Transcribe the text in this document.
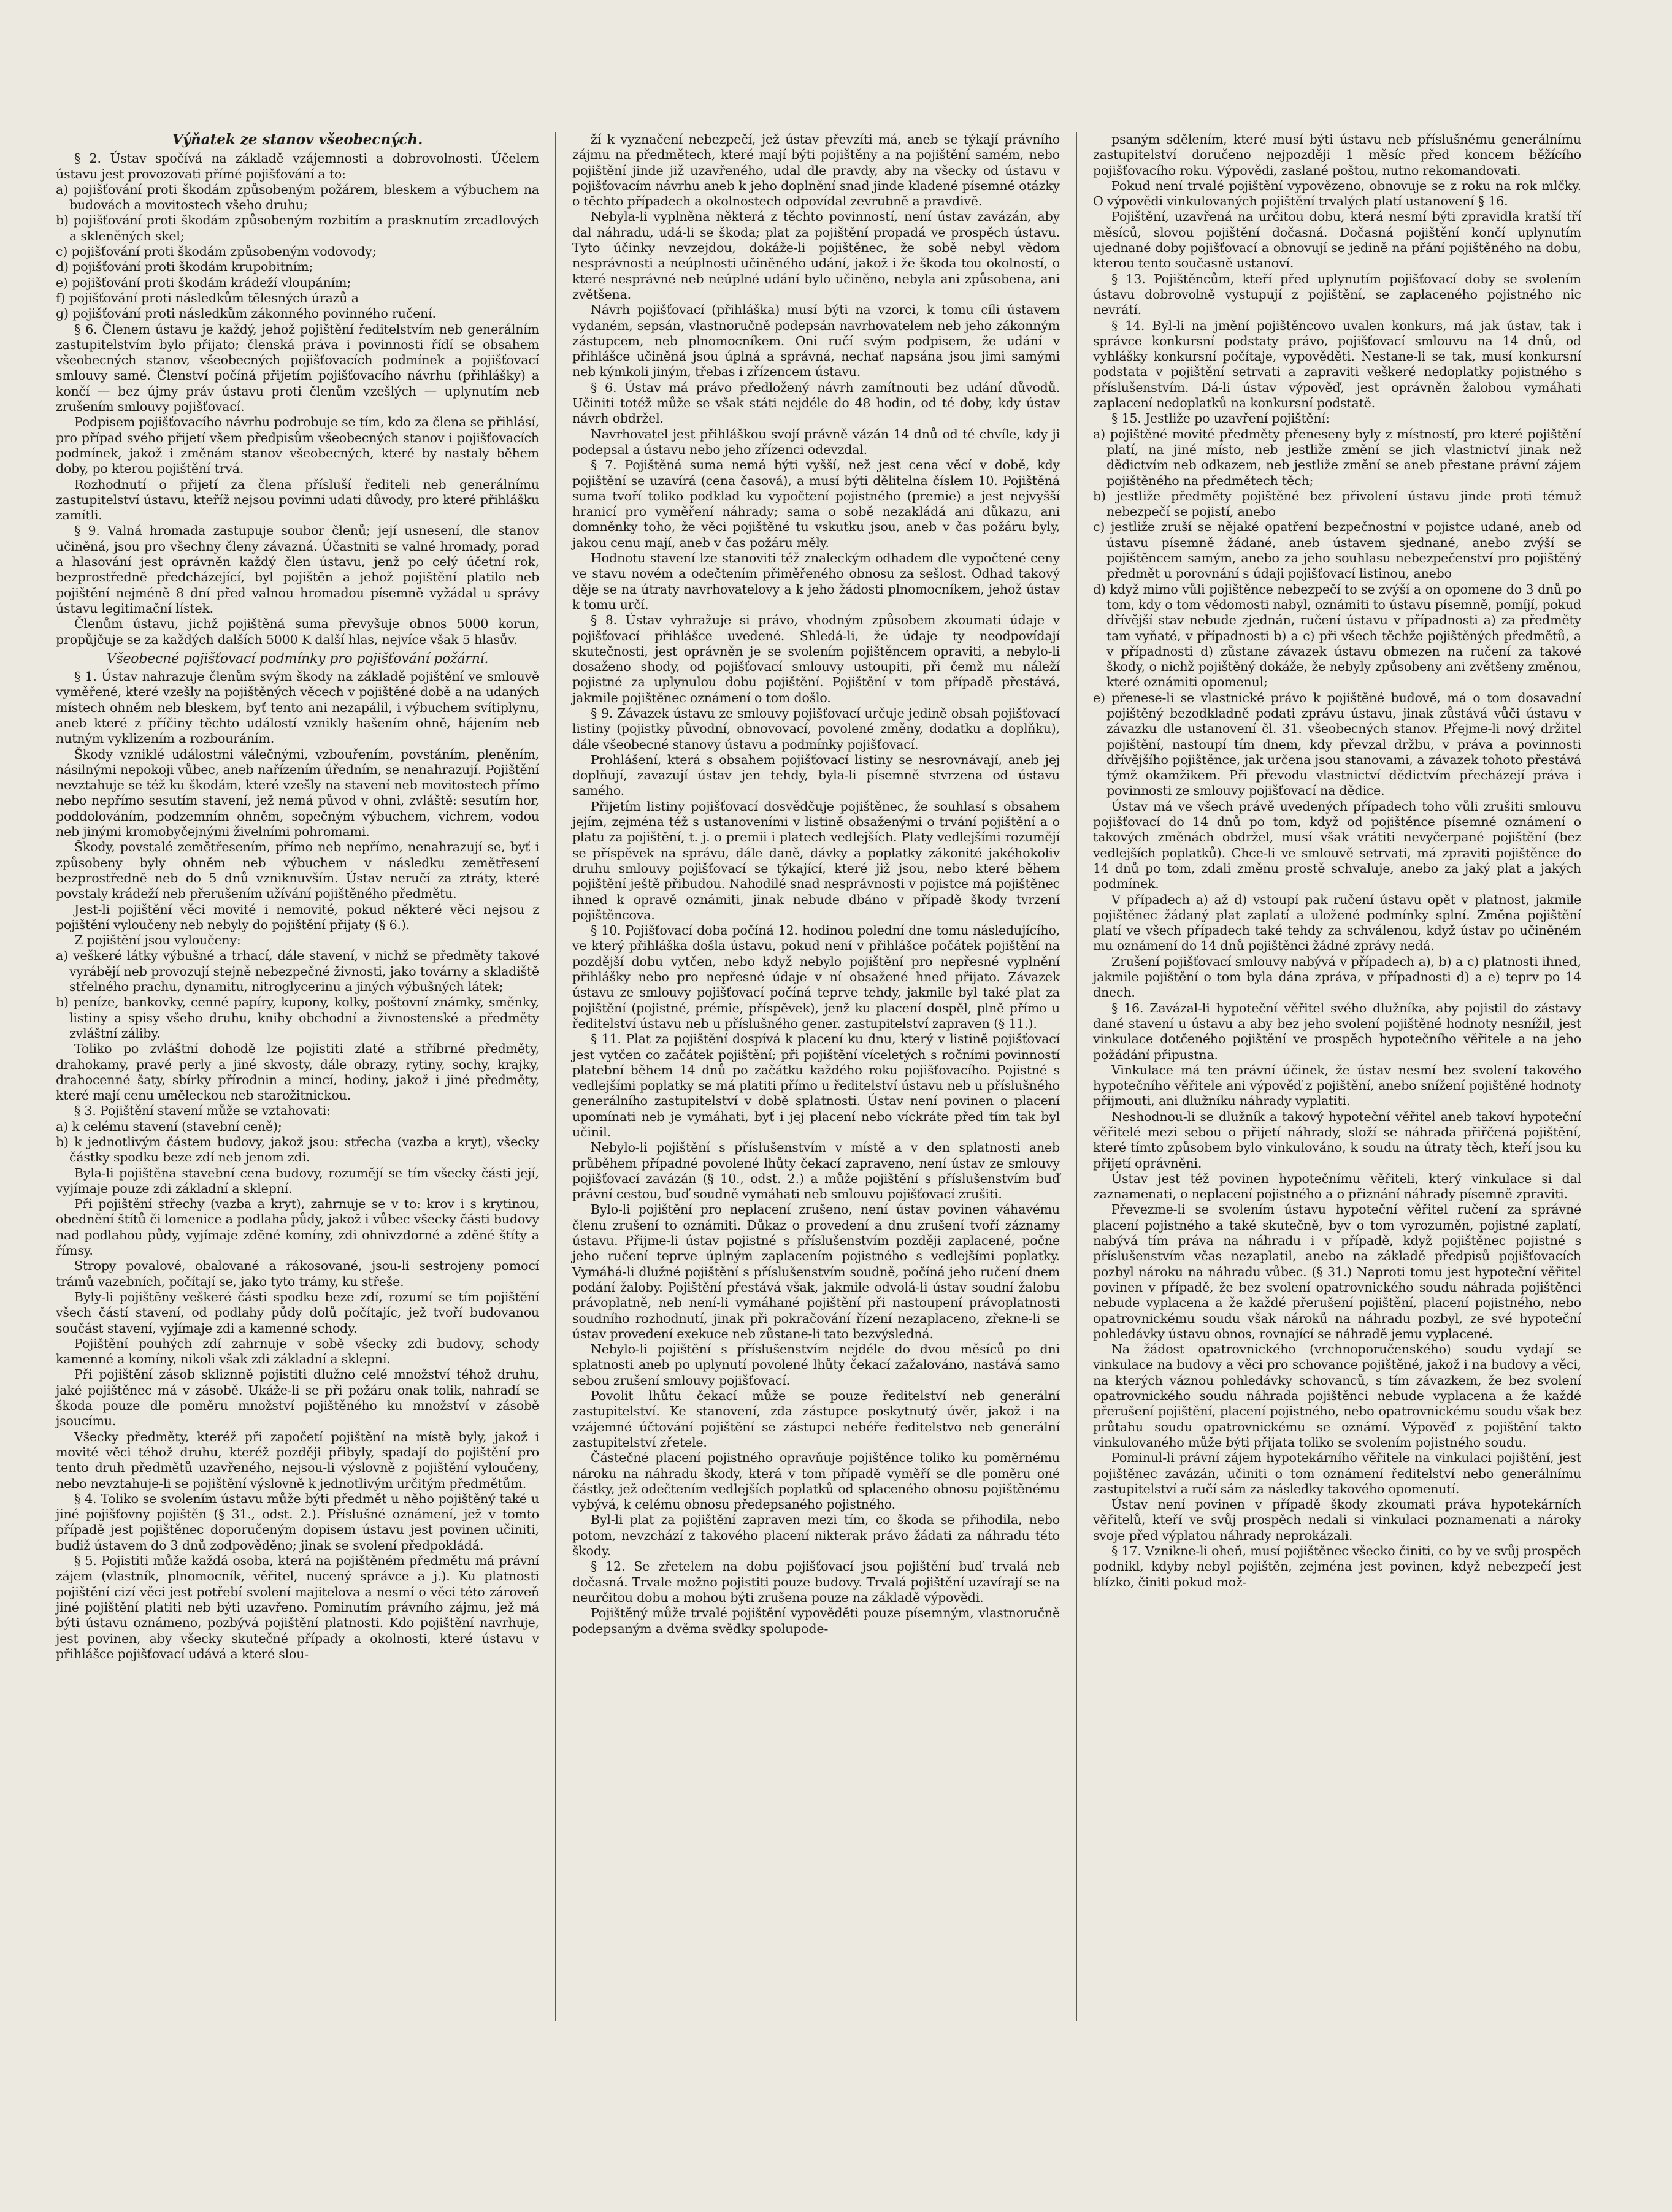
Výňatek ze stanov všeobecných.

§ 2. Ústav spočívá na základě vzájemnosti a dobrovolnosti. Účelem ústavu jest provozovati přímé pojišťování a to:

a) pojišťování proti škodám způsobeným požárem, bleskem a výbuchem na budovách a movitostech všeho druhu;

b) pojišťování proti škodám způsobeným rozbitím a prasknutím zrcadlových a skleněných skel;

c) pojišťování proti škodám způsobeným vodovody;

d) pojišťování proti škodám krupobitním;

e) pojišťování proti škodám krádeží vloupáním;

f) pojišťování proti následkům tělesných úrazů a

g) pojišťování proti následkům zákonného povinného ručení.

§ 6. Členem ústavu je každý, jehož pojištění ředitelstvím neb generálním zastupitelstvím bylo přijato; členská práva i povinnosti řídí se obsahem všeobecných stanov, všeobecných pojišťovacích podmínek a pojišťovací smlouvy samé. Členství počíná přijetím pojišťovacího návrhu (přihlášky) a končí — bez újmy práv ústavu proti členům vzešlých — uplynutím neb zrušením smlouvy pojišťovací.

Podpisem pojišťovacího návrhu podrobuje se tím, kdo za člena se přihlásí, pro případ svého přijetí všem předpisům všeobecných stanov i pojišťovacích podmínek, jakož i změnám stanov všeobecných, které by nastaly během doby, po kterou pojištění trvá.

Rozhodnutí o přijetí za člena přísluší řediteli neb generálnímu zastupitelství ústavu, kteříž nejsou povinni udati důvody, pro které přihlášku zamítli.

§ 9. Valná hromada zastupuje soubor členů; její usnesení, dle stanov učiněná, jsou pro všechny členy závazná. Účastniti se valné hromady, porad a hlasování jest oprávněn každý člen ústavu, jenž po celý účetní rok, bezprostředně předcházející, byl pojištěn a jehož pojištění platilo neb pojištění nejméně 8 dní před valnou hromadou písemně vyžádal u správy ústavu legitimační lístek.

Členům ústavu, jichž pojištěná suma převyšuje obnos 5000 korun, propůjčuje se za každých dalších 5000 K další hlas, nejvíce však 5 hlasův.

Všeobecné pojišťovací podmínky pro pojišťování požární.

§ 1. Ústav nahrazuje členům svým škody na základě pojištění ve smlouvě vyměřené, které vzešly na pojištěných věcech v pojištěné době a na udaných místech ohněm neb bleskem, byť tento ani nezapálil, i výbuchem svítiplynu, aneb které z příčiny těchto událostí vznikly hašením ohně, hájením neb nutným vyklizením a rozbouráním.

Škody vzniklé událostmi válečnými, vzbouřením, povstáním, pleněním, násilnými nepokoji vůbec, aneb nařízením úředním, se nenahrazují. Pojištění nevztahuje se též ku škodám, které vzešly na stavení neb movitostech přímo nebo nepřímo sesutím stavení, jež nemá původ v ohni, zvláště: sesutím hor, poddolováním, podzemním ohněm, sopečným výbuchem, vichrem, vodou neb jinými kromobyčejnými živelními pohromami.

Škody, povstalé zemětřesením, přímo neb nepřímo, nenahrazují se, byť i způsobeny byly ohněm neb výbuchem v následku zemětřesení bezprostředně neb do 5 dnů vzniknuvším. Ústav neručí za ztráty, které povstaly krádeží neb přerušením užívání pojištěného předmětu.

Jest-li pojištění věci movité i nemovité, pokud některé věci nejsou z pojištění vyloučeny neb nebyly do pojištění přijaty (§ 6.).

Z pojištění jsou vyloučeny:

a) veškeré látky výbušné a trhací, dále stavení, v nichž se předměty takové vyrábějí neb provozují stejně nebezpečné živnosti, jako továrny a skladiště střelného prachu, dynamitu, nitroglycerinu a jiných výbušných látek;

b) peníze, bankovky, cenné papíry, kupony, kolky, poštovní známky, směnky, listiny a spisy všeho druhu, knihy obchodní a živnostenské a předměty zvláštní záliby.

Toliko po zvláštní dohodě lze pojistiti zlaté a stříbrné předměty, drahokamy, pravé perly a jiné skvosty, dále obrazy, rytiny, sochy, krajky, drahocenné šaty, sbírky přírodnin a mincí, hodiny, jakož i jiné předměty, které mají cenu uměleckou neb starožitnickou.

§ 3. Pojištění stavení může se vztahovati:

a) k celému stavení (stavební ceně);

b) k jednotlivým částem budovy, jakož jsou: střecha (vazba a kryt), všecky částky spodku beze zdí neb jenom zdi.

Byla-li pojištěna stavební cena budovy, rozumějí se tím všecky části její, vyjímaje pouze zdi základní a sklepní.

Při pojištění střechy (vazba a kryt), zahrnuje se v to: krov i s krytinou, obednění štítů či lomenice a podlaha půdy, jakož i vůbec všecky části budovy nad podlahou půdy, vyjímaje zděné komíny, zdi ohnivzdorné a zděné štíty a římsy.

Stropy povalové, obalované a rákosované, jsou-li sestrojeny pomocí trámů vazebních, počítají se, jako tyto trámy, ku střeše.

Byly-li pojištěny veškeré části spodku beze zdí, rozumí se tím pojištění všech částí stavení, od podlahy půdy dolů počítajíc, jež tvoří budovanou součást stavení, vyjímaje zdi a kamenné schody.

Pojištění pouhých zdí zahrnuje v sobě všecky zdi budovy, schody kamenné a komíny, nikoli však zdi základní a sklepní.

Při pojištění zásob skliznně pojistiti dlužno celé množství téhož druhu, jaké pojištěnec má v zásobě. Ukáže-li se při požáru onak tolik, nahradí se škoda pouze dle poměru množství pojištěného ku množství v zásobě jsoucímu.

Všecky předměty, kteréž při započetí pojištění na místě byly, jakož i movité věci téhož druhu, kteréž později přibyly, spadají do pojištění pro tento druh předmětů uzavřeného, nejsou-li výslovně z pojištění vyloučeny, nebo nevztahuje-li se pojištění výslovně k jednotlivým určitým předmětům.

§ 4. Toliko se svolením ústavu může býti předmět u něho pojištěný také u jiné pojišťovny pojištěn (§ 31., odst. 2.). Příslušné oznámení, jež v tomto případě jest pojištěnec doporučeným dopisem ústavu jest povinen učiniti, budiž ústavem do 3 dnů zodpověděno; jinak se svolení předpokládá.

§ 5. Pojistiti může každá osoba, která na pojištěném předmětu má právní zájem (vlastník, plnomocník, věřitel, nucený správce a j.). Ku platnosti pojištění cizí věci jest potřebí svolení majitelova a nesmí o věci této zároveň jiné pojištění platiti neb býti uzavřeno. Pominutím právního zájmu, jež má býti ústavu oznámeno, pozbývá pojištění platnosti. Kdo pojištění navrhuje, jest povinen, aby všecky skutečné případy a okolnosti, které ústavu v přihlášce pojišťovací udává a které slou-

ží k vyznačení nebezpečí, jež ústav převzíti má, aneb se týkají právního zájmu na předmětech, které mají býti pojištěny a na pojištění samém, nebo pojištění jinde již uzavřeného, udal dle pravdy, aby na všecky od ústavu v pojišťovacím návrhu aneb k jeho doplnění snad jinde kladené písemné otázky o těchto případech a okolnostech odpovídal zevrubně a pravdivě.

Nebyla-li vyplněna některá z těchto povinností, není ústav zavázán, aby dal náhradu, udá-li se škoda; plat za pojištění propadá ve prospěch ústavu. Tyto účinky nevzejdou, dokáže-li pojištěnec, že sobě nebyl vědom nesprávnosti a neúplnosti učiněného udání, jakož i že škoda tou okolností, o které nesprávné neb neúplné udání bylo učiněno, nebyla ani způsobena, ani zvětšena.

Návrh pojišťovací (přihláška) musí býti na vzorci, k tomu cíli ústavem vydaném, sepsán, vlastnoručně podepsán navrhovatelem neb jeho zákonným zástupcem, neb plnomocníkem. Oni ručí svým podpisem, že udání v přihlášce učiněná jsou úplná a správná, nechať napsána jsou jimi samými neb kýmkoli jiným, třebas i zřízencem ústavu.

§ 6. Ústav má právo předložený návrh zamítnouti bez udání důvodů. Učiniti totéž může se však státi nejdéle do 48 hodin, od té doby, kdy ústav návrh obdržel.

Navrhovatel jest přihláškou svojí právně vázán 14 dnů od té chvíle, kdy ji podepsal a ústavu nebo jeho zřízenci odevzdal.

§ 7. Pojištěná suma nemá býti vyšší, než jest cena věcí v době, kdy pojištění se uzavírá (cena časová), a musí býti dělitelna číslem 10. Pojištěná suma tvoří toliko podklad ku vypočtení pojistného (premie) a jest nejvyšší hranicí pro vyměření náhrady; sama o sobě nezakládá ani důkazu, ani domněnky toho, že věci pojištěné tu vskutku jsou, aneb v čas požáru byly, jakou cenu mají, aneb v čas požáru měly.

Hodnotu stavení lze stanoviti též znaleckým odhadem dle vypočtené ceny ve stavu novém a odečtením přiměřeného obnosu za sešlost. Odhad takový děje se na útraty navrhovatelovy a k jeho žádosti plnomocníkem, jehož ústav k tomu určí.

§ 8. Ústav vyhražuje si právo, vhodným způsobem zkoumati údaje v pojišťovací přihlášce uvedené. Shledá-li, že údaje ty neodpovídají skutečnosti, jest oprávněn je se svolením pojištěncem opraviti, a nebylo-li dosaženo shody, od pojišťovací smlouvy ustoupiti, při čemž mu náleží pojistné za uplynulou dobu pojištění. Pojištění v tom případě přestává, jakmile pojištěnec oznámení o tom došlo.

§ 9. Závazek ústavu ze smlouvy pojišťovací určuje jedině obsah pojišťovací listiny (pojistky původní, obnovovací, povolené změny, dodatku a doplňku), dále všeobecné stanovy ústavu a podmínky pojišťovací.

Prohlášení, která s obsahem pojišťovací listiny se nesrovnávají, aneb jej doplňují, zavazují ústav jen tehdy, byla-li písemně stvrzena od ústavu samého.

Přijetím listiny pojišťovací dosvědčuje pojištěnec, že souhlasí s obsahem jejím, zejména též s ustanoveními v listině obsaženými o trvání pojištění a o platu za pojištění, t. j. o premii i platech vedlejších. Platy vedlejšími rozumějí se příspěvek na správu, dále daně, dávky a poplatky zákonité jakéhokoliv druhu smlouvy pojišťovací se týkající, které již jsou, nebo které během pojištění ještě přibudou. Nahodilé snad nesprávnosti v pojistce má pojištěnec ihned k opravě oznámiti, jinak nebude dbáno v případě škody tvrzení pojištěncova.

§ 10. Pojišťovací doba počíná 12. hodinou polední dne tomu následujícího, ve který přihláška došla ústavu, pokud není v přihlášce počátek pojištění na pozdější dobu vytčen, nebo když nebylo pojištění pro nepřesné vyplnění přihlášky nebo pro nepřesné údaje v ní obsažené hned přijato. Závazek ústavu ze smlouvy pojišťovací počíná teprve tehdy, jakmile byl také plat za pojištění (pojistné, prémie, příspěvek), jenž ku placení dospěl, plně přímo u ředitelství ústavu neb u příslušného gener. zastupitelství zapraven (§ 11.).

§ 11. Plat za pojištění dospívá k placení ku dnu, který v listině pojišťovací jest vytčen co začátek pojištění; při pojištění víceletých s ročními povinností platební během 14 dnů po začátku každého roku pojišťovacího. Pojistné s vedlejšími poplatky se má platiti přímo u ředitelství ústavu neb u příslušného generálního zastupitelství v době splatnosti. Ústav není povinen o placení upomínati neb je vymáhati, byť i jej placení nebo víckráte před tím tak byl učinil.

Nebylo-li pojištění s příslušenstvím v místě a v den splatnosti aneb průběhem případné povolené lhůty čekací zapraveno, není ústav ze smlouvy pojišťovací zavázán (§ 10., odst. 2.) a může pojištění s příslušenstvím buď právní cestou, buď soudně vymáhati neb smlouvu pojišťovací zrušiti.

Bylo-li pojištění pro neplacení zrušeno, není ústav povinen váhavému členu zrušení to oznámiti. Důkaz o provedení a dnu zrušení tvoří záznamy ústavu. Přijme-li ústav pojistné s příslušenstvím později zaplacené, počne jeho ručení teprve úplným zaplacením pojistného s vedlejšími poplatky. Vymáhá-li dlužné pojištění s příslušenstvím soudně, počíná jeho ručení dnem podání žaloby. Pojištění přestává však, jakmile odvolá-li ústav soudní žalobu právoplatně, neb není-li vymáhané pojištění při nastoupení právoplatnosti soudního rozhodnutí, jinak při pokračování řízení nezaplaceno, zřekne-li se ústav provedení exekuce neb zůstane-li tato bezvýsledná.

Nebylo-li pojištění s příslušenstvím nejdéle do dvou měsíců po dni splatnosti aneb po uplynutí povolené lhůty čekací zažalováno, nastává samo sebou zrušení smlouvy pojišťovací.

Povolit lhůtu čekací může se pouze ředitelství neb generální zastupitelství. Ke stanovení, zda zástupce poskytnutý úvěr, jakož i na vzájemné účtování pojištění se zástupci nebéře ředitelstvo neb generální zastupitelství zřetele.

Částečné placení pojistného opravňuje pojištěnce toliko ku poměrnému nároku na náhradu škody, která v tom případě vyměří se dle poměru oné částky, jež odečtením vedlejších poplatků od splaceného obnosu pojištěnému vybývá, k celému obnosu předepsaného pojistného.

Byl-li plat za pojištění zapraven mezi tím, co škoda se přihodila, nebo potom, nevzchází z takového placení nikterak právo žádati za náhradu této škody.

§ 12. Se zřetelem na dobu pojišťovací jsou pojištění buď trvalá neb dočasná. Trvale možno pojistiti pouze budovy. Trvalá pojištění uzavírají se na neurčitou dobu a mohou býti zrušena pouze na základě výpovědi.

Pojištěný může trvalé pojištění vypověděti pouze písemným, vlastnoručně podepsaným a dvěma svědky spolupode-

psaným sdělením, které musí býti ústavu neb příslušnému generálnímu zastupitelství doručeno nejpozději 1 měsíc před koncem běžícího pojišťovacího roku. Výpovědi, zaslané poštou, nutno rekomandovati.

Pokud není trvalé pojištění vypovězeno, obnovuje se z roku na rok mlčky. O výpovědi vinkulovaných pojištění trvalých platí ustanovení § 16.

Pojištění, uzavřená na určitou dobu, která nesmí býti zpravidla kratší tří měsíců, slovou pojištění dočasná. Dočasná pojištění končí uplynutím ujednané doby pojišťovací a obnovují se jedině na přání pojištěného na dobu, kterou tento současně ustanoví.

§ 13. Pojištěncům, kteří před uplynutím pojišťovací doby se svolením ústavu dobrovolně vystupují z pojištění, se zaplaceného pojistného nic nevrátí.

§ 14. Byl-li na jmění pojištěncovo uvalen konkurs, má jak ústav, tak i správce konkursní podstaty právo, pojišťovací smlouvu na 14 dnů, od vyhlášky konkursní počítaje, vypověděti. Nestane-li se tak, musí konkursní podstata v pojištění setrvati a zapraviti veškeré nedoplatky pojistného s příslušenstvím. Dá-li ústav výpověď, jest oprávněn žalobou vymáhati zaplacení nedoplatků na konkursní podstatě.

§ 15. Jestliže po uzavření pojištění:

a) pojištěné movité předměty přeneseny byly z místností, pro které pojištění platí, na jiné místo, neb jestliže změní se jich vlastnictví jinak než dědictvím neb odkazem, neb jestliže změní se aneb přestane právní zájem pojištěného na předmětech těch;

b) jestliže předměty pojištěné bez přivolení ústavu jinde proti témuž nebezpečí se pojistí, anebo

c) jestliže zruší se nějaké opatření bezpečnostní v pojistce udané, aneb od ústavu písemně žádané, aneb ústavem sjednané, anebo zvýší se pojištěncem samým, anebo za jeho souhlasu nebezpečenství pro pojištěný předmět u porovnání s údaji pojišťovací listinou, anebo

d) když mimo vůli pojištěnce nebezpečí to se zvýší a on opomene do 3 dnů po tom, kdy o tom vědomosti nabyl, oznámiti to ústavu písemně, pomíjí, pokud dřívější stav nebude zjednán, ručení ústavu v případnosti a) za předměty tam vyňaté, v případnosti b) a c) při všech těchže pojištěných předmětů, a v případnosti d) zůstane závazek ústavu obmezen na ručení za takové škody, o nichž pojištěný dokáže, že nebyly způsobeny ani zvětšeny změnou, které oznámiti opomenul;

e) přenese-li se vlastnické právo k pojištěné budově, má o tom dosavadní pojištěný bezodkladně podati zprávu ústavu, jinak zůstává vůči ústavu v závazku dle ustanovení čl. 31. všeobecných stanov. Přejme-li nový držitel pojištění, nastoupí tím dnem, kdy převzal držbu, v práva a povinnosti dřívějšího pojištěnce, jak určena jsou stanovami, a závazek tohoto přestává týmž okamžikem. Při převodu vlastnictví dědictvím přecházejí práva i povinnosti ze smlouvy pojišťovací na dědice.

Ústav má ve všech právě uvedených případech toho vůli zrušiti smlouvu pojišťovací do 14 dnů po tom, když od pojištěnce písemné oznámení o takových změnách obdržel, musí však vrátiti nevyčerpané pojištění (bez vedlejších poplatků). Chce-li ve smlouvě setrvati, má zpraviti pojištěnce do 14 dnů po tom, zdali změnu prostě schvaluje, anebo za jaký plat a jakých podmínek.

V případech a) až d) vstoupí pak ručení ústavu opět v platnost, jakmile pojištěnec žádaný plat zaplatí a uložené podmínky splní. Změna pojištění platí ve všech případech také tehdy za schválenou, když ústav po učiněném mu oznámení do 14 dnů pojištěnci žádné zprávy nedá.

Zrušení pojišťovací smlouvy nabývá v případech a), b) a c) platnosti ihned, jakmile pojištění o tom byla dána zpráva, v případnosti d) a e) teprv po 14 dnech.

§ 16. Zavázal-li hypoteční věřitel svého dlužníka, aby pojistil do zástavy dané stavení u ústavu a aby bez jeho svolení pojištěné hodnoty nesnížil, jest vinkulace dotčeného pojištění ve prospěch hypotečního věřitele a na jeho požádání připustna.

Vinkulace má ten právní účinek, že ústav nesmí bez svolení takového hypotečního věřitele ani výpověď z pojištění, anebo snížení pojištěné hodnoty přijmouti, ani dlužníku náhrady vyplatiti.

Neshodnou-li se dlužník a takový hypoteční věřitel aneb takoví hypoteční věřitelé mezi sebou o přijetí náhrady, složí se náhrada přiřčená pojištění, které tímto způsobem bylo vinkulováno, k soudu na útraty těch, kteří jsou ku přijetí oprávněni.

Ústav jest též povinen hypotečnímu věřiteli, který vinkulace si dal zaznamenati, o neplacení pojistného a o přiznání náhrady písemně zpraviti.

Převezme-li se svolením ústavu hypoteční věřitel ručení za správné placení pojistného a také skutečně, byv o tom vyrozuměn, pojistné zaplatí, nabývá tím práva na náhradu i v případě, když pojištěnec pojistné s příslušenstvím včas nezaplatil, anebo na základě předpisů pojišťovacích pozbyl nároku na náhradu vůbec. (§ 31.) Naproti tomu jest hypoteční věřitel povinen v případě, že bez svolení opatrovnického soudu náhrada pojištěnci nebude vyplacena a že každé přerušení pojištění, placení pojistného, nebo opatrovnickému soudu však nároků na náhradu pozbyl, ze své hypoteční pohledávky ústavu obnos, rovnající se náhradě jemu vyplacené.

Na žádost opatrovnického (vrchnoporučenského) soudu vydají se vinkulace na budovy a věci pro schovance pojištěné, jakož i na budovy a věci, na kterých váznou pohledávky schovanců, s tím závazkem, že bez svolení opatrovnického soudu náhrada pojištěnci nebude vyplacena a že každé přerušení pojištění, placení pojistného, nebo opatrovnickému soudu však bez průtahu soudu opatrovnickému se oznámí. Výpověď z pojištění takto vinkulovaného může býti přijata toliko se svolením pojistného soudu.

Pominul-li právní zájem hypotekárního věřitele na vinkulaci pojištění, jest pojištěnec zavázán, učiniti o tom oznámení ředitelství nebo generálnímu zastupitelství a ručí sám za následky takového opomenutí.

Ústav není povinen v případě škody zkoumati práva hypotekárních věřitelů, kteří ve svůj prospěch nedali si vinkulaci poznamenati a nároky svoje před výplatou náhrady neprokázali.

§ 17. Vznikne-li oheň, musí pojištěnec všecko činiti, co by ve svůj prospěch podnikl, kdyby nebyl pojištěn, zejména jest povinen, když nebezpečí jest blízko, činiti pokud mož-
